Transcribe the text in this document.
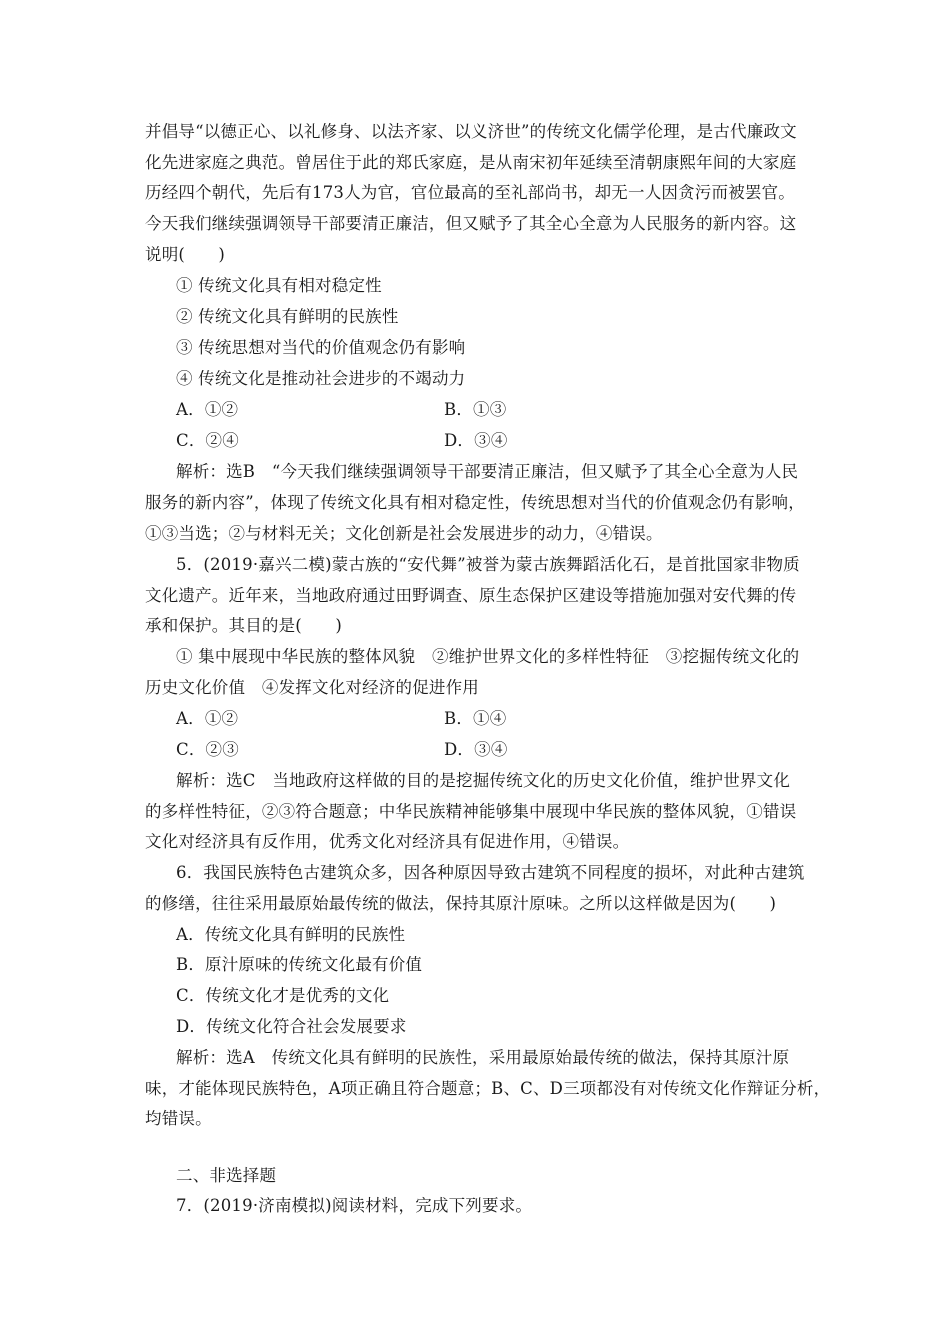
并倡导“以德正心、以礼修身、以法齐家、以义济世”的传统文化儒学伦理，是古代廉政文
化先进家庭之典范。曾居住于此的郑氏家庭，是从南宋初年延续至清朝康熙年间的大家庭
历经四个朝代，先后有173人为官，官位最高的至礼部尚书，却无一人因贪污而被罢官。
今天我们继续强调领导干部要清正廉洁，但又赋予了其全心全意为人民服务的新内容。这
说明(　　)
① 传统文化具有相对稳定性
② 传统文化具有鲜明的民族性
③ 传统思想对当代的价值观念仍有影响
④ 传统文化是推动社会进步的不竭动力
A．①②	B．①③
C．②④	D．③④
解析：选B　“今天我们继续强调领导干部要清正廉洁，但又赋予了其全心全意为人民
服务的新内容”，体现了传统文化具有相对稳定性，传统思想对当代的价值观念仍有影响，
①③当选；②与材料无关；文化创新是社会发展进步的动力，④错误。
5．(2019·嘉兴二模)蒙古族的“安代舞”被誉为蒙古族舞蹈活化石，是首批国家非物质
文化遗产。近年来，当地政府通过田野调查、原生态保护区建设等措施加强对安代舞的传
承和保护。其目的是(　　)
① 集中展现中华民族的整体风貌　②维护世界文化的多样性特征　③挖掘传统文化的
历史文化价值　④发挥文化对经济的促进作用
A．①②	B．①④
C．②③	D．③④
解析：选C　当地政府这样做的目的是挖掘传统文化的历史文化价值，维护世界文化
的多样性特征，②③符合题意；中华民族精神能够集中展现中华民族的整体风貌，①错误
文化对经济具有反作用，优秀文化对经济具有促进作用，④错误。
6．我国民族特色古建筑众多，因各种原因导致古建筑不同程度的损坏，对此种古建筑
的修缮，往往采用最原始最传统的做法，保持其原汁原味。之所以这样做是因为(　　)
A．传统文化具有鲜明的民族性
B．原汁原味的传统文化最有价值
C．传统文化才是优秀的文化
D．传统文化符合社会发展要求
解析：选A　传统文化具有鲜明的民族性，采用最原始最传统的做法，保持其原汁原
味，才能体现民族特色，A项正确且符合题意；B、C、D三项都没有对传统文化作辩证分析，
均错误。
二、非选择题
7．(2019·济南模拟)阅读材料，完成下列要求。
